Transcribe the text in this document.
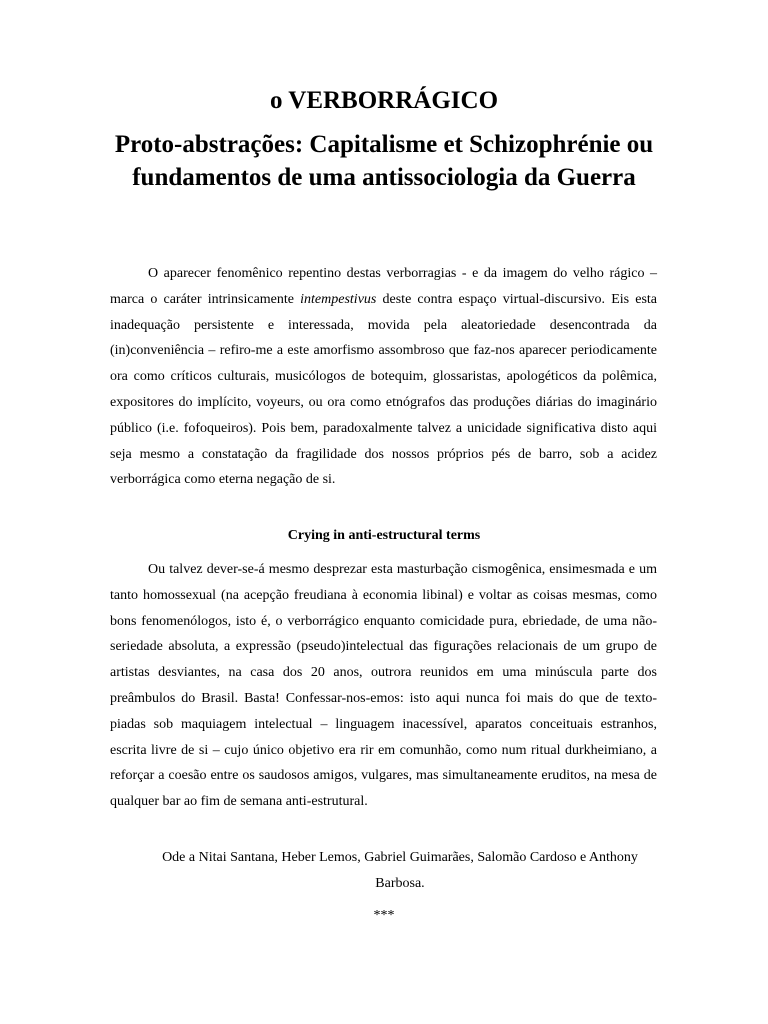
o VERBORRÁGICO
Proto-abstrações: Capitalisme et Schizophrénie ou fundamentos de uma antissociologia da Guerra

O aparecer fenomênico repentino destas verborragias - e da imagem do velho rágico – marca o caráter intrinsicamente intempestivus deste contra espaço virtual-discursivo. Eis esta inadequação persistente e interessada, movida pela aleatoriedade desencontrada da (in)conveniência – refiro-me a este amorfismo assombroso que faz-nos aparecer periodicamente ora como críticos culturais, musicólogos de botequim, glossaristas, apologéticos da polêmica, expositores do implícito, voyeurs, ou ora como etnógrafos das produções diárias do imaginário público (i.e. fofoqueiros). Pois bem, paradoxalmente talvez a unicidade significativa disto aqui seja mesmo a constatação da fragilidade dos nossos próprios pés de barro, sob a acidez verborrágica como eterna negação de si.

Crying in anti-estructural terms

Ou talvez dever-se-á mesmo desprezar esta masturbação cismogênica, ensimesmada e um tanto homossexual (na acepção freudiana à economia libinal) e voltar as coisas mesmas, como bons fenomenólogos, isto é, o verborrágico enquanto comicidade pura, ebriedade, de uma não-seriedade absoluta, a expressão (pseudo)intelectual das figurações relacionais de um grupo de artistas desviantes, na casa dos 20 anos, outrora reunidos em uma minúscula parte dos preâmbulos do Brasil. Basta! Confessar-nos-emos: isto aqui nunca foi mais do que de texto-piadas sob maquiagem intelectual – linguagem inacessível, aparatos conceituais estranhos, escrita livre de si – cujo único objetivo era rir em comunhão, como num ritual durkheimiano, a reforçar a coesão entre os saudosos amigos, vulgares, mas simultaneamente eruditos, na mesa de qualquer bar ao fim de semana anti-estrutural.

Ode a Nitai Santana, Heber Lemos, Gabriel Guimarães, Salomão Cardoso e Anthony Barbosa.

***
